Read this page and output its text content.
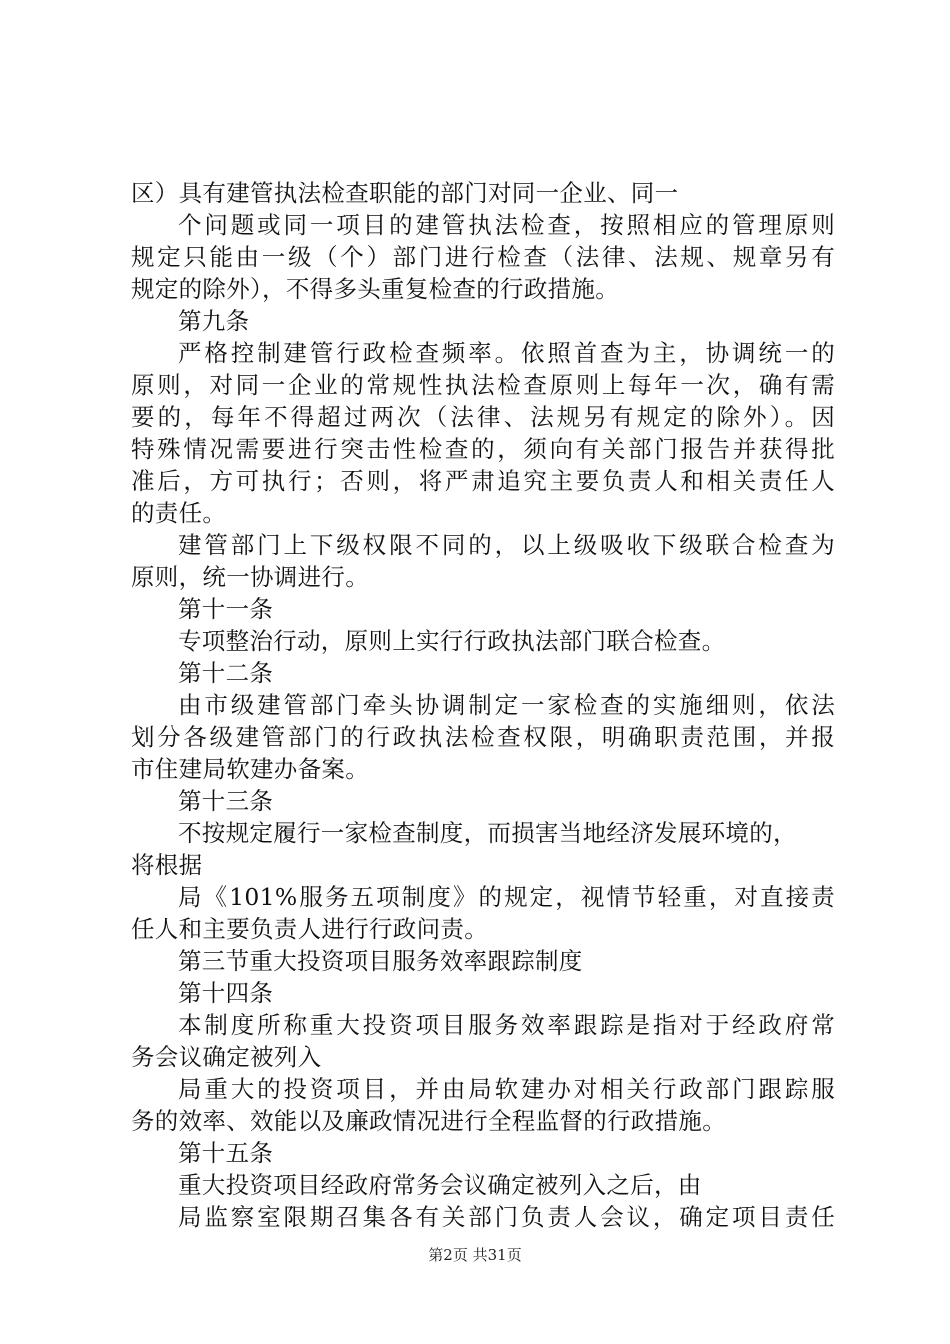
区）具有建管执法检查职能的部门对同一企业、同一
个问题或同一项目的建管执法检查，按照相应的管理原则
规定只能由一级（个）部门进行检查（法律、法规、规章另有
规定的除外），不得多头重复检查的行政措施。
第九条
严格控制建管行政检查频率。依照首查为主，协调统一的
原则，对同一企业的常规性执法检查原则上每年一次，确有需
要的，每年不得超过两次（法律、法规另有规定的除外）。因
特殊情况需要进行突击性检查的，须向有关部门报告并获得批
准后，方可执行；否则，将严肃追究主要负责人和相关责任人
的责任。
建管部门上下级权限不同的，以上级吸收下级联合检查为
原则，统一协调进行。
第十一条
专项整治行动，原则上实行行政执法部门联合检查。
第十二条
由市级建管部门牵头协调制定一家检查的实施细则，依法
划分各级建管部门的行政执法检查权限，明确职责范围，并报
市住建局软建办备案。
第十三条
不按规定履行一家检查制度，而损害当地经济发展环境的，
将根据
局《101%服务五项制度》的规定，视情节轻重，对直接责
任人和主要负责人进行行政问责。
第三节重大投资项目服务效率跟踪制度
第十四条
本制度所称重大投资项目服务效率跟踪是指对于经政府常
务会议确定被列入
局重大的投资项目，并由局软建办对相关行政部门跟踪服
务的效率、效能以及廉政情况进行全程监督的行政措施。
第十五条
重大投资项目经政府常务会议确定被列入之后，由
局监察室限期召集各有关部门负责人会议，确定项目责任
第2页 共31页
